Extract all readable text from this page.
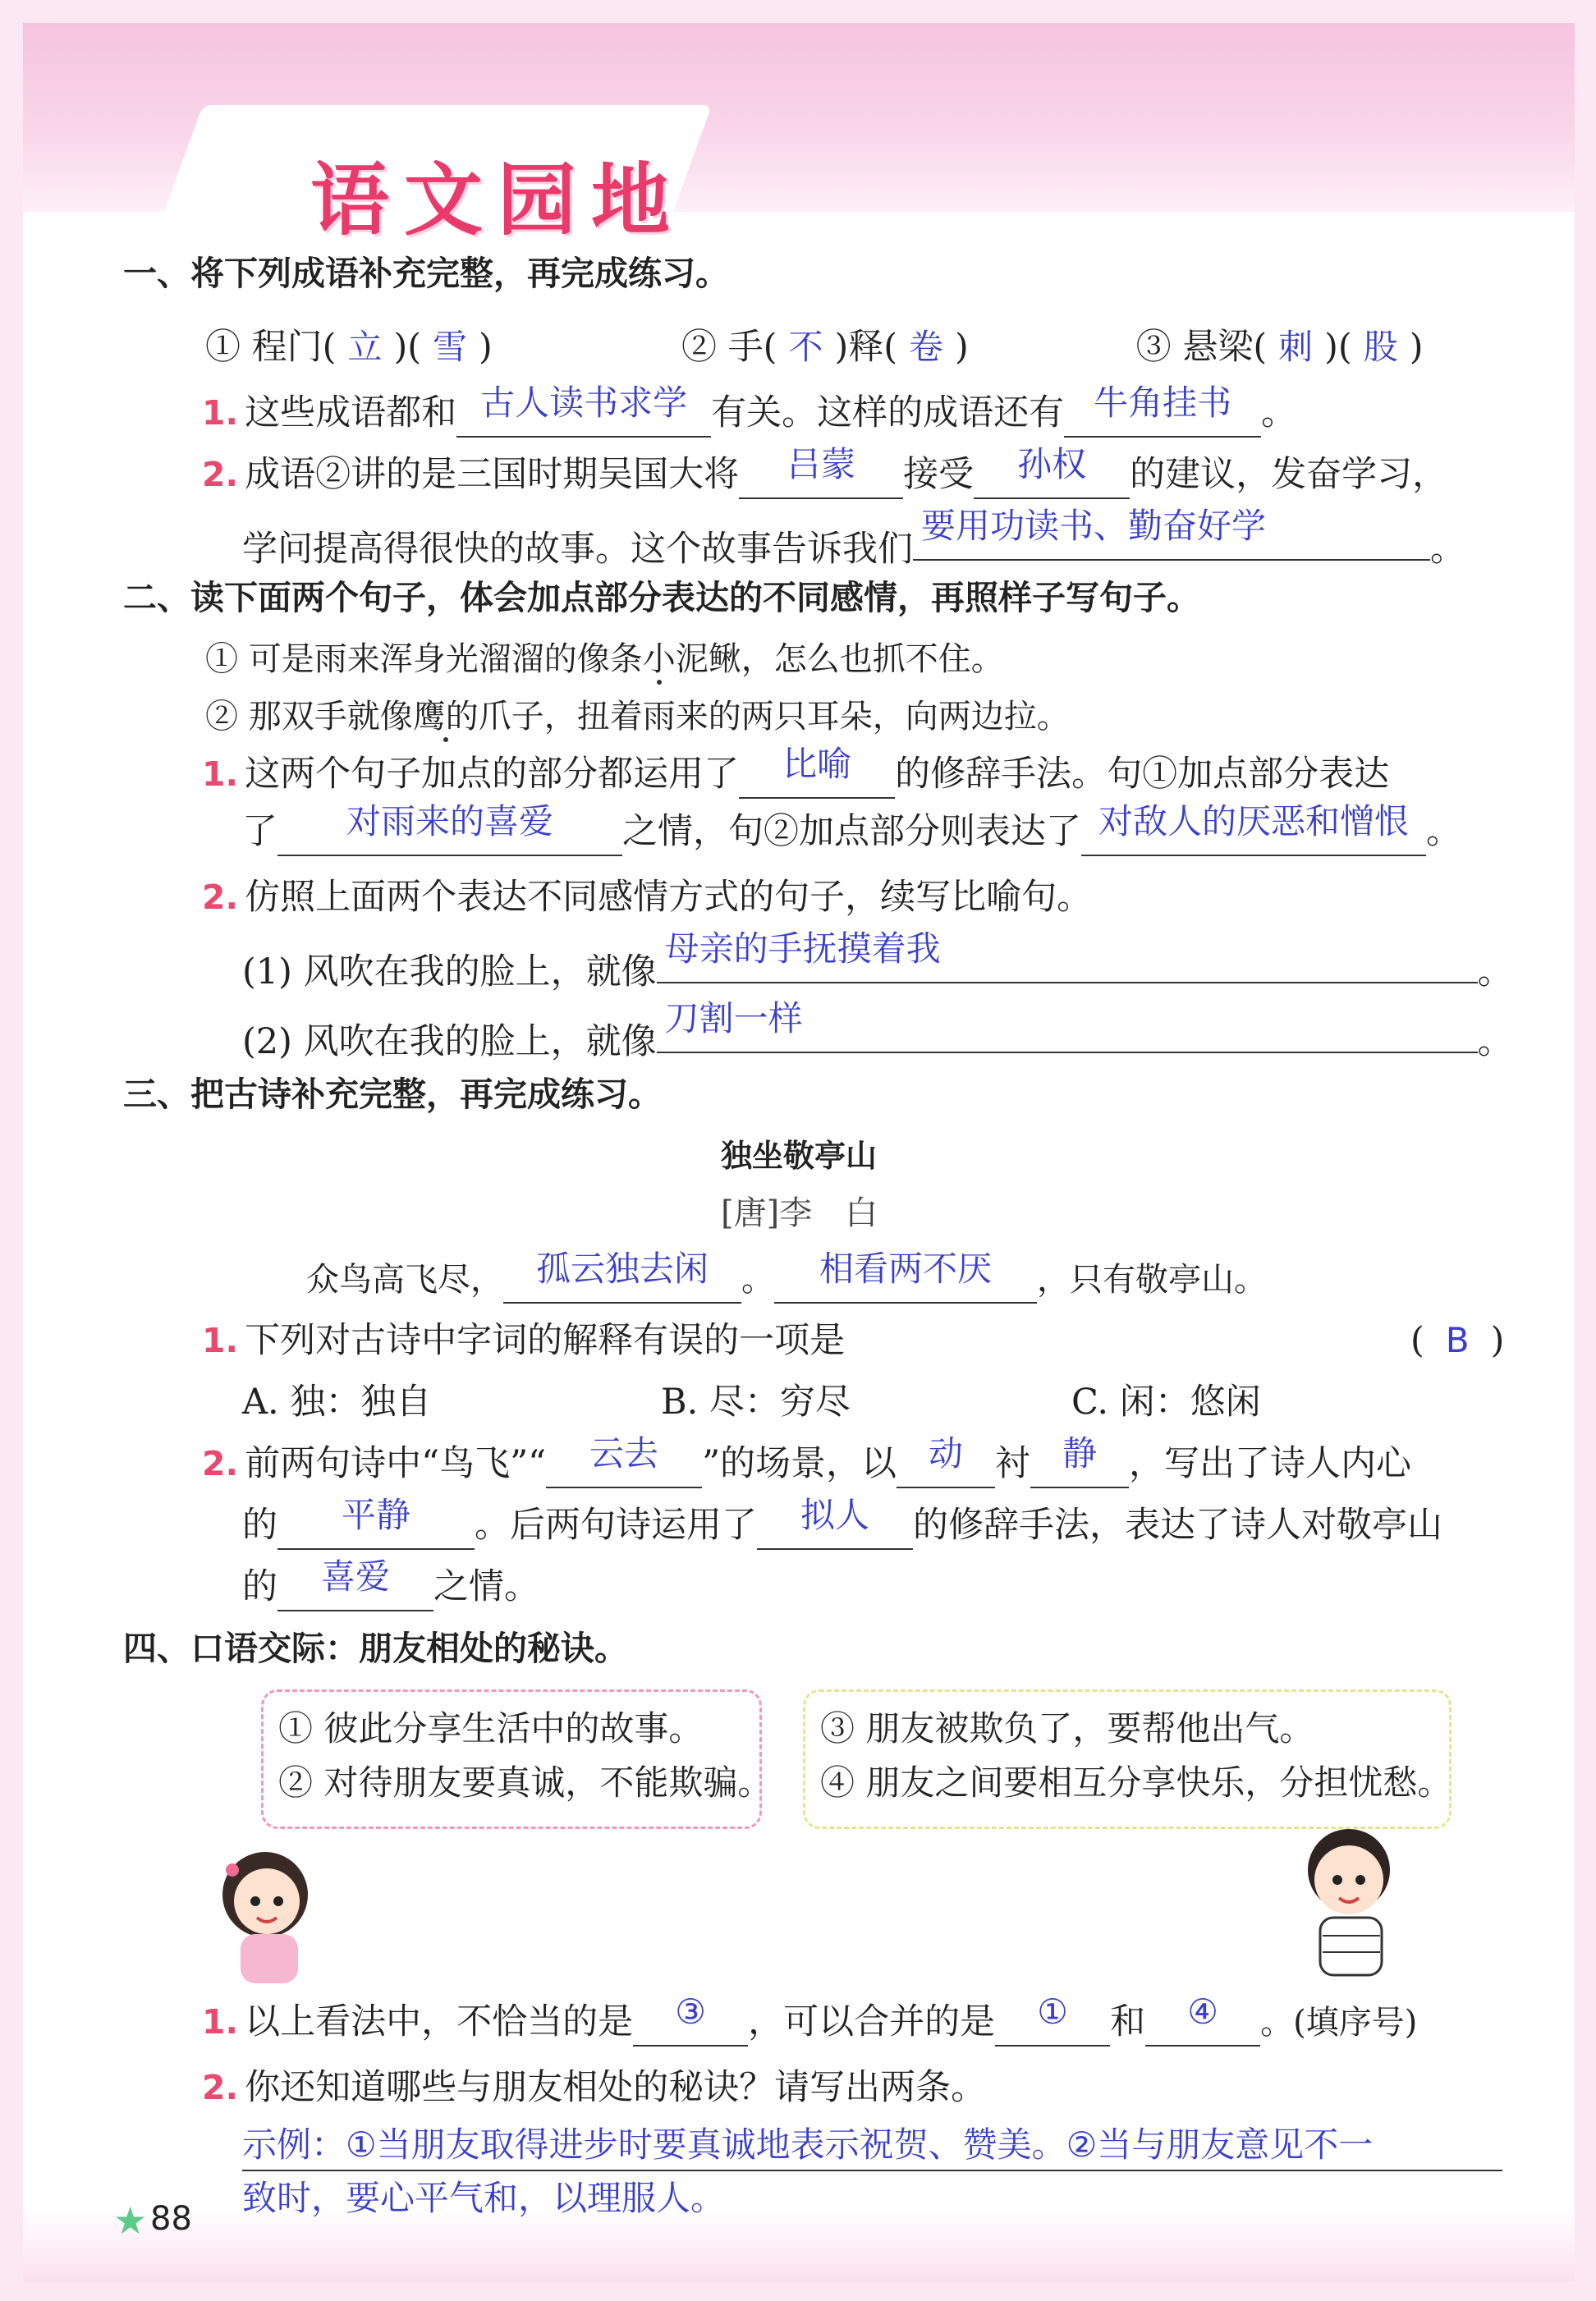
语文园地
一、将下列成语补充完整，再完成练习。
① 程门( 立 )( 雪 )	② 手( 不 )释( 卷 )	③ 悬梁( 刺 )( 股 )
1. 这些成语都和 古人读书求学 有关。这样的成语还有 牛角挂书 。
2. 成语②讲的是三国时期吴国大将 吕蒙 接受 孙权 的建议，发奋学习，
学问提高得很快的故事。这个故事告诉我们
要用功读书、勤奋好学
。
二、读下面两个句子，体会加点部分表达的不同感情，再照样子写句子。
① 可是雨来浑身光溜溜的像条小泥鳅，怎么也抓不住。
② 那双手就像鹰的爪子，扭着雨来的两只耳朵，向两边拉。
1. 这两个句子加点的部分都运用了 比喻 的修辞手法。句①加点部分表达
了 对雨来的喜爱 之情，句②加点部分则表达了 对敌人的厌恶和憎恨 。
2. 仿照上面两个表达不同感情方式的句子，续写比喻句。
(1) 风吹在我的脸上，就像
母亲的手抚摸着我
。
(2) 风吹在我的脸上，就像
刀割一样
。
三、把古诗补充完整，再完成练习。
独坐敬亭山
[唐]李　白
众鸟高飞尽， 孤云独去闲 。 相看两不厌 ，只有敬亭山。
1. 下列对古诗中字词的解释有误的一项是	( B )
A. 独：独自	B. 尽：穷尽	C. 闲：悠闲
2. 前两句诗中“鸟飞”“ 云去 ”的场景，以 动 衬 静 ，写出了诗人内心
的 平静 。后两句诗运用了 拟人 的修辞手法，表达了诗人对敬亭山
的 喜爱 之情。
四、口语交际：朋友相处的秘诀。
① 彼此分享生活中的故事。
② 对待朋友要真诚，不能欺骗。
③ 朋友被欺负了，要帮他出气。
④ 朋友之间要相互分享快乐，分担忧愁。
1. 以上看法中，不恰当的是 ③ ，可以合并的是 ① 和 ④ 。(填序号)
2. 你还知道哪些与朋友相处的秘诀？请写出两条。
示例：①当朋友取得进步时要真诚地表示祝贺、赞美。②当与朋友意见不一
致时，要心平气和，以理服人。
★ 88
